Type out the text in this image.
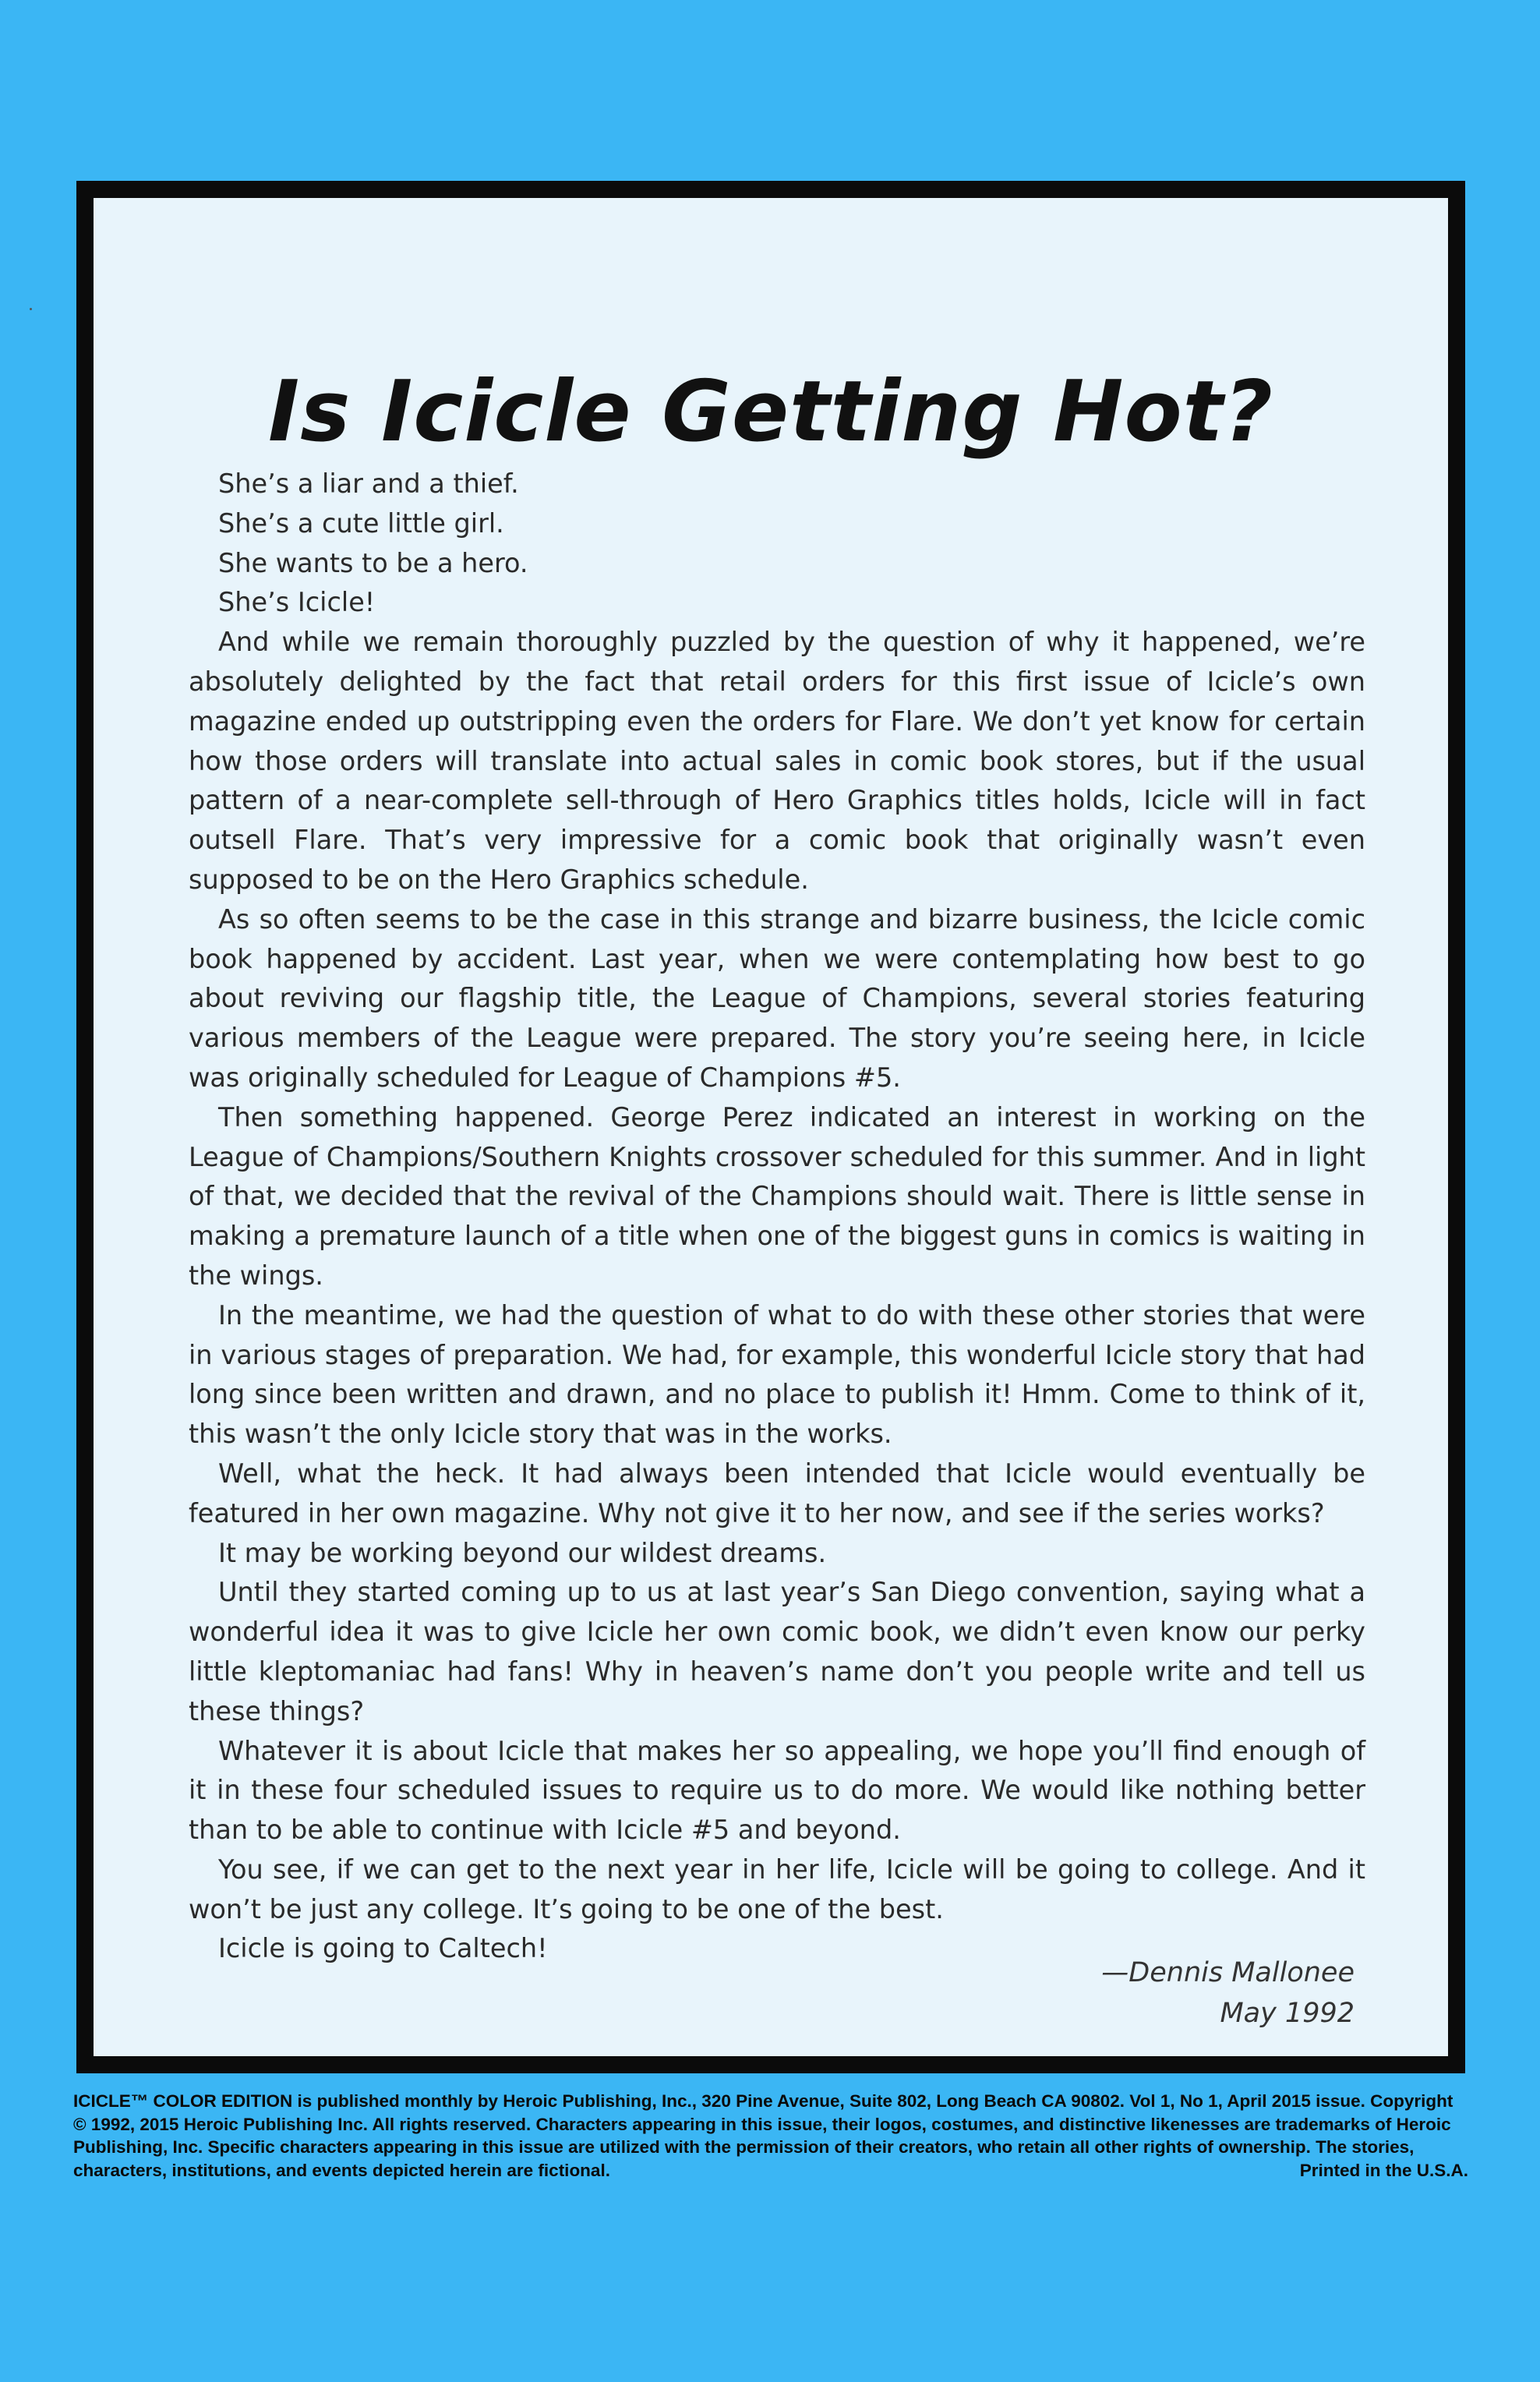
Is Icicle Getting Hot?

She’s a liar and a thief.

She’s a cute little girl.

She wants to be a hero.

She’s Icicle!

And while we remain thoroughly puzzled by the question of why it happened, we’re absolutely delighted by the fact that retail orders for this first issue of Icicle’s own magazine ended up outstripping even the orders for Flare. We don’t yet know for certain how those orders will translate into actual sales in comic book stores, but if the usual pattern of a near-complete sell-through of Hero Graphics titles holds, Icicle will in fact outsell Flare. That’s very impressive for a comic book that originally wasn’t even supposed to be on the Hero Graphics schedule.

As so often seems to be the case in this strange and bizarre business, the Icicle comic book happened by accident. Last year, when we were contemplating how best to go about reviving our flagship title, the League of Champions, several stories featuring various members of the League were prepared. The story you’re seeing here, in Icicle was originally scheduled for League of Champions #5.

Then something happened. George Perez indicated an interest in working on the League of Champions/Southern Knights crossover scheduled for this summer. And in light of that, we decided that the revival of the Champions should wait. There is little sense in making a premature launch of a title when one of the biggest guns in comics is waiting in the wings.

In the meantime, we had the question of what to do with these other stories that were in various stages of preparation. We had, for example, this wonderful Icicle story that had long since been written and drawn, and no place to publish it! Hmm. Come to think of it, this wasn’t the only Icicle story that was in the works.

Well, what the heck. It had always been intended that Icicle would eventually be featured in her own magazine. Why not give it to her now, and see if the series works?

It may be working beyond our wildest dreams.

Until they started coming up to us at last year’s San Diego convention, saying what a wonderful idea it was to give Icicle her own comic book, we didn’t even know our perky little kleptomaniac had fans! Why in heaven’s name don’t you people write and tell us these things?

Whatever it is about Icicle that makes her so appealing, we hope you’ll find enough of it in these four scheduled issues to require us to do more. We would like nothing better than to be able to continue with Icicle #5 and beyond.

You see, if we can get to the next year in her life, Icicle will be going to college. And it won’t be just any college. It’s going to be one of the best.

Icicle is going to Caltech!

—Dennis Mallonee
May 1992
ICICLE™ COLOR EDITION is published monthly by Heroic Publishing, Inc., 320 Pine Avenue, Suite 802, Long Beach CA 90802. Vol 1, No 1, April 2015 issue. Copyright © 1992, 2015 Heroic Publishing Inc. All rights reserved. Characters appearing in this issue, their logos, costumes, and distinctive likenesses are trademarks of Heroic Publishing, Inc. Specific characters appearing in this issue are utilized with the permission of their creators, who retain all other rights of ownership. The stories, characters, institutions, and events depicted herein are fictional.	Printed in the U.S.A.
